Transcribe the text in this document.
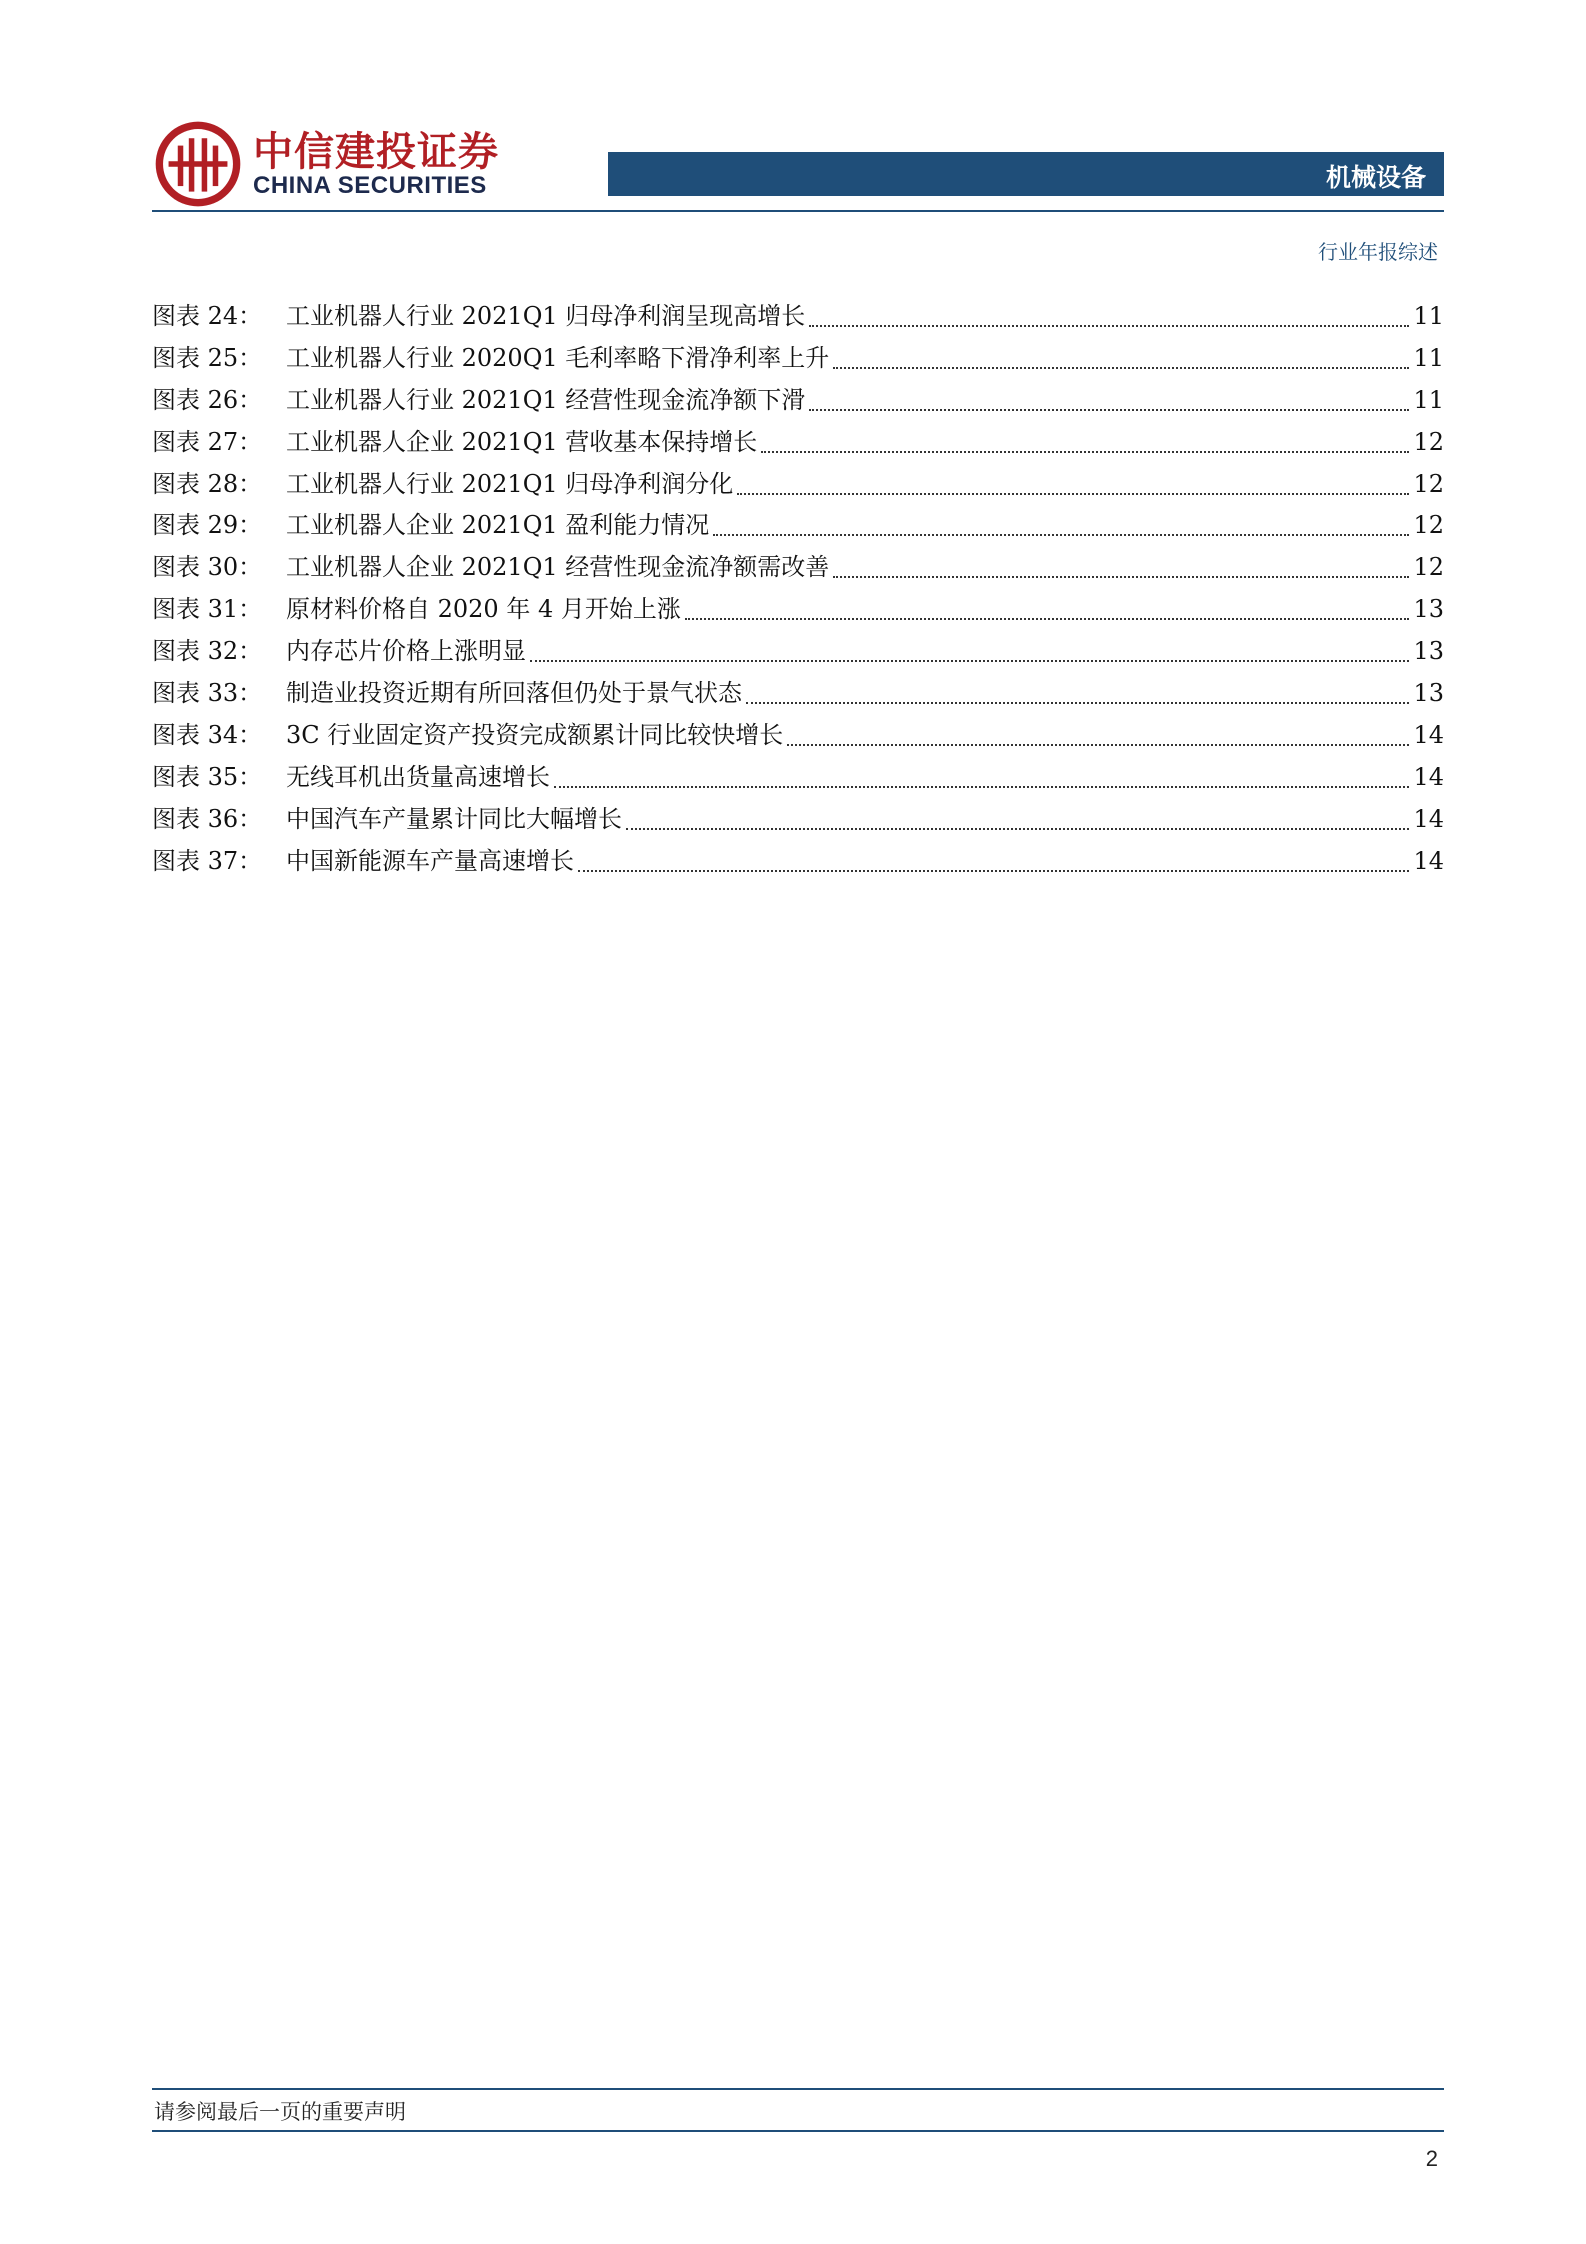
中信建投证券
CHINA SECURITIES	机械设备
行业年报综述
图表 24： 工业机器人行业 2021Q1 归母净利润呈现高增长	11
图表 25： 工业机器人行业 2020Q1 毛利率略下滑净利率上升	11
图表 26： 工业机器人行业 2021Q1 经营性现金流净额下滑	11
图表 27： 工业机器人企业 2021Q1 营收基本保持增长	12
图表 28： 工业机器人行业 2021Q1 归母净利润分化	12
图表 29： 工业机器人企业 2021Q1 盈利能力情况	12
图表 30： 工业机器人企业 2021Q1 经营性现金流净额需改善	12
图表 31： 原材料价格自 2020 年 4 月开始上涨	13
图表 32： 内存芯片价格上涨明显	13
图表 33： 制造业投资近期有所回落但仍处于景气状态	13
图表 34： 3C 行业固定资产投资完成额累计同比较快增长	14
图表 35： 无线耳机出货量高速增长	14
图表 36： 中国汽车产量累计同比大幅增长	14
图表 37： 中国新能源车产量高速增长	14
请参阅最后一页的重要声明
2
